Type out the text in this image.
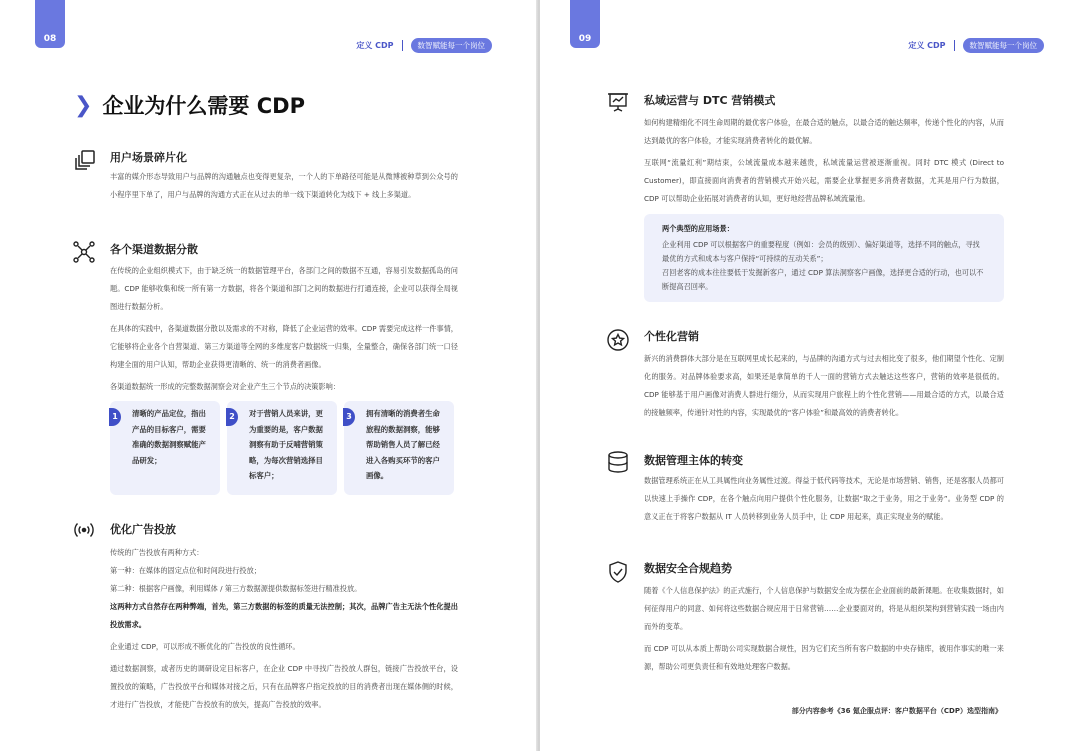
08
定义 CDP	数智赋能每一个岗位
❯ 企业为什么需要 CDP
用户场景碎片化

丰富的媒介形态导致用户与品牌的沟通触点也变得更复杂，一个人的下单路径可能是从微博被种草到公众号的小程序里下单了，用户与品牌的沟通方式正在从过去的单一线下渠道转化为线下 + 线上多渠道。

各个渠道数据分散

在传统的企业组织模式下，由于缺乏统一的数据管理平台，各部门之间的数据不互通，容易引发数据孤岛的问题。CDP 能够收集和统一所有第一方数据，将各个渠道和部门之间的数据进行打通连接，企业可以获得全局视图进行数据分析。

在具体的实践中，各渠道数据分散以及需求的不对称，降低了企业运营的效率。CDP 需要完成这样一件事情，它能够将企业各个自营渠道、第三方渠道等全网的多维度客户数据统一归集，全量整合，确保各部门统一口径构建全面的用户认知，帮助企业获得更清晰的、统一的消费者画像。

各渠道数据统一形成的完整数据洞察会对企业产生三个节点的决策影响：

1	清晰的产品定位，指出产品的目标客户，需要准确的数据洞察赋能产品研发；
2	对于营销人员来讲，更为重要的是，客户数据洞察有助于反哺营销策略，为每次营销选择目标客户；
3	拥有清晰的消费者生命旅程的数据洞察，能够帮助销售人员了解已经进入各购买环节的客户画像。
优化广告投放

传统的广告投放有两种方式：

第一种：在媒体的固定点位和时间段进行投放；

第二种：根据客户画像，利用媒体 / 第三方数据源提供数据标签进行精准投放。

这两种方式自然存在两种弊端，首先，第三方数据的标签的质量无法控制；其次，品牌广告主无法个性化提出投放需求。

企业通过 CDP，可以形成不断优化的广告投放的良性循环。

通过数据洞察，或者历史的调研设定目标客户，在企业 CDP 中寻找广告投放人群包，链接广告投放平台，设置投放的策略，广告投放平台和媒体对接之后，只有在品牌客户指定投放的目的消费者出现在媒体侧的时候，才进行广告投放，才能使广告投放有的放矢，提高广告投放的效率。

09
定义 CDP	数智赋能每一个岗位
私域运营与 DTC 营销模式

如何构建精细化不同生命周期的最优客户体验，在最合适的触点，以最合适的触达频率，传递个性化的内容，从而达到最优的客户体验，才能实现消费者转化的最优解。

互联网“流量红利”期结束，公域流量成本越来越贵，私域流量运营被逐渐重视。同时 DTC 模式 (Direct to Customer)，即直接面向消费者的营销模式开始兴起，需要企业掌握更多消费者数据，尤其是用户行为数据，CDP 可以帮助企业拓展对消费者的认知，更好地经营品牌私域流量池。

两个典型的应用场景：

企业利用 CDP 可以根据客户的重要程度（例如：会员的级别）、偏好渠道等，选择不同的触点，寻找最优的方式和成本与客户保持“可持续的互动关系”；

召回老客的成本往往要低于发掘新客户，通过 CDP 算法洞察客户画像，选择更合适的行动，也可以不断提高召回率。

个性化营销

新兴的消费群体大部分是在互联网里成长起来的，与品牌的沟通方式与过去相比变了很多，他们期望个性化、定制化的服务。对品牌体验要求高，如果还是拿简单的千人一面的营销方式去触达这些客户，营销的效率是很低的。CDP 能够基于用户画像对消费人群进行细分，从而实现用户旅程上的个性化营销——用最合适的方式，以最合适的接触频率，传递针对性的内容，实现最优的“客户体验”和最高效的消费者转化。

数据管理主体的转变

数据管理系统正在从工具属性向业务属性过渡。得益于低代码等技术，无论是市场营销、销售，还是客服人员都可以快速上手操作 CDP，在各个触点向用户提供个性化服务，让数据“取之于业务，用之于业务”。业务型 CDP 的意义正在于将客户数据从 IT 人员转移到业务人员手中，让 CDP 用起来，真正实现业务的赋能。

数据安全合规趋势

随着《个人信息保护法》的正式施行，个人信息保护与数据安全成为摆在企业面前的最新课题。在收集数据时，如何征得用户的同意、如何将这些数据合规应用于日常营销……企业要面对的，将是从组织架构到营销实践一场由内而外的变革。

而 CDP 可以从本质上帮助公司实现数据合规性，因为它们充当所有客户数据的中央存储库，被用作事实的唯一来源，帮助公司更负责任和有效地处理客户数据。

部分内容参考《36 氪企服点评：客户数据平台（CDP）选型指南》
